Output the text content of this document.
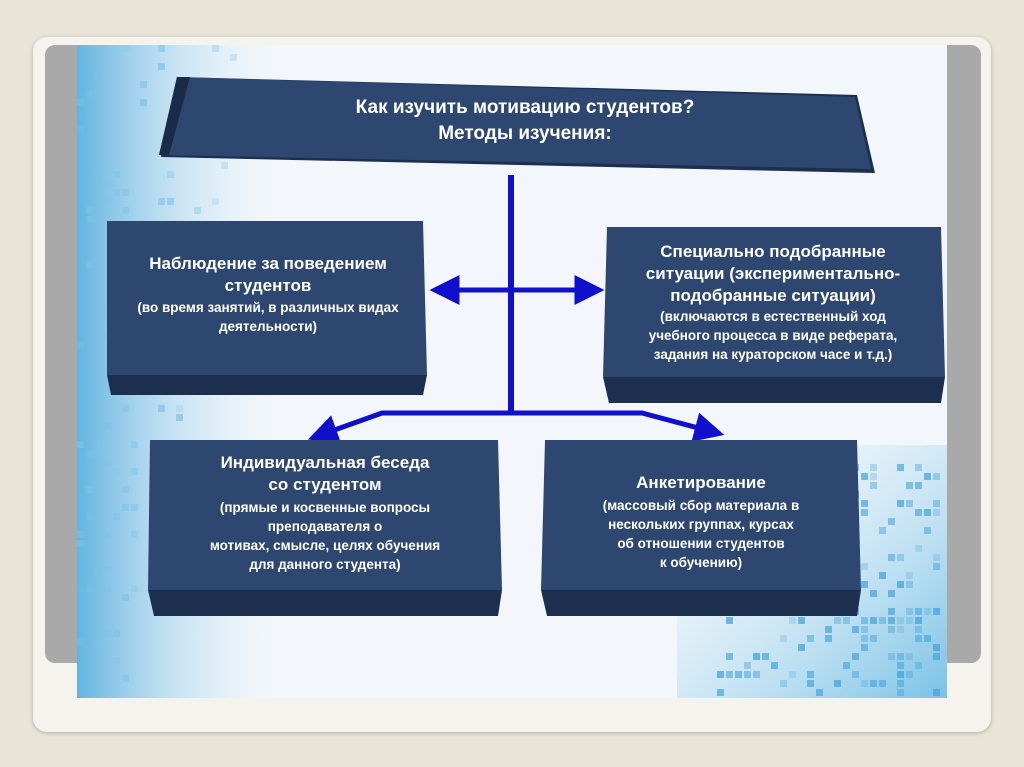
Как изучить мотивацию студентов?
Методы изучения:
Наблюдение за поведением
студентов
(во время занятий, в различных видах
деятельности)
Специально подобранные
ситуации (экспериментально-
подобранные ситуации)
(включаются в естественный ход
учебного процесса в виде реферата,
задания на кураторском часе и т.д.)
Индивидуальная беседа
со студентом
(прямые и косвенные вопросы
преподавателя о
мотивах, смысле, целях обучения
для данного студента)
Анкетирование
(массовый сбор материала в
нескольких группах, курсах
об отношении студентов
к обучению)
